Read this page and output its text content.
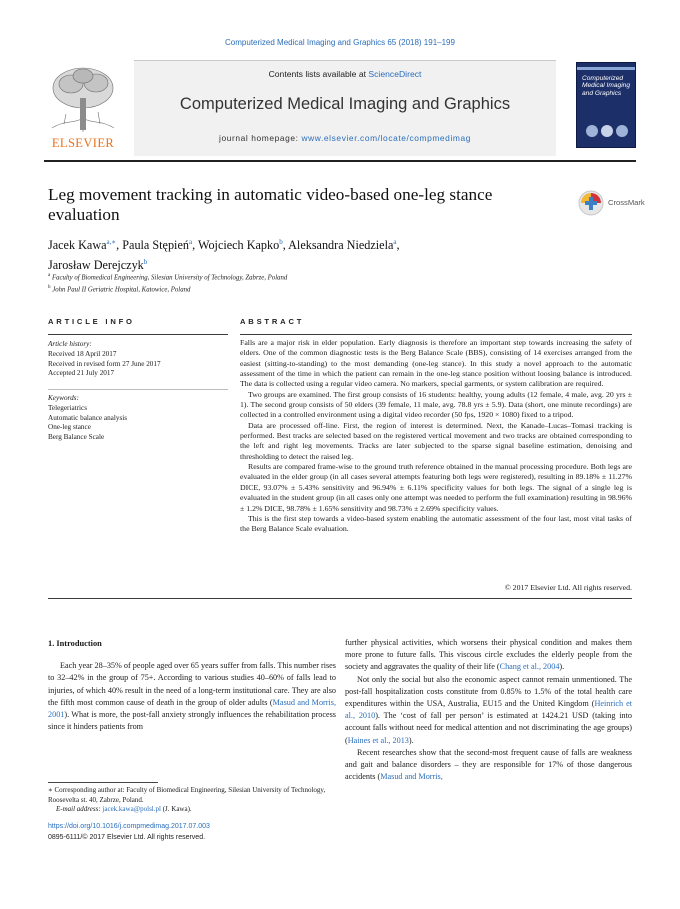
Computerized Medical Imaging and Graphics 65 (2018) 191–199
ELSEVIER
Contents lists available at ScienceDirect
Computerized Medical Imaging and Graphics
journal homepage: www.elsevier.com/locate/compmedimag
Computerized Medical Imaging and Graphics
Leg movement tracking in automatic video-based one-leg stance evaluation
CrossMark
Jacek Kawa$^{a,∗}$, Paula Stępień$^a$, Wojciech Kapko$^b$, Aleksandra Niedziela$^a$,
Jarosław Derejczyk$^b$
$^a$ Faculty of Biomedical Engineering, Silesian University of Technology, Zabrze, Poland
$^b$ John Paul II Geriatric Hospital, Katowice, Poland
ARTICLE INFO
Article history:
Received 18 April 2017
Received in revised form 27 June 2017
Accepted 21 July 2017
Keywords:
Telegeriatrics
Automatic balance analysis
One-leg stance
Berg Balance Scale
ABSTRACT

Falls are a major risk in elder population. Early diagnosis is therefore an important step towards increasing the safety of elders. One of the common diagnostic tests is the Berg Balance Scale (BBS), consisting of 14 exercises arranged from the easiest (sitting-to-standing) to the most demanding (one-leg stance). In this study a novel approach to the automatic assessment of the time in which the patient can remain in the one-leg stance position without loosing balance is introduced. The data is collected using a regular video camera. No markers, special garments, or system calibration are required.

Two groups are examined. The first group consists of 16 students: healthy, young adults (12 female, 4 male, avg. 20 yrs ± 1). The second group consists of 50 elders (39 female, 11 male, avg. 78.8 yrs ± 5.9). Data (short, one minute recordings) are collected in a controlled environment using a digital video recorder (50 fps, 1920 × 1080) fixed to a tripod.

Data are processed off-line. First, the region of interest is determined. Next, the Kanade–Lucas–Tomasi tracking is performed. Best tracks are selected based on the registered vertical movement and two tracks are obtained corresponding to the left and right leg movements. Tracks are later subjected to the sparse signal baseline estimation, denoising and thresholding to detect the raised leg.

Results are compared frame-wise to the ground truth reference obtained in the manual processing procedure. Both legs are evaluated in the elder group (in all cases several attempts featuring both legs were registered), resulting in 89.18% ± 11.27% DICE, 93.07% ± 5.43% sensitivity and 96.94% ± 6.11% specificity values for both legs. The signal of a single leg is evaluated in the student group (in all cases only one attempt was needed to perform the full examination) resulting in 98.96% ± 1.2% DICE, 98.78% ± 1.65% sensitivity and 98.73% ± 2.69% specificity values.

This is the first step towards a video-based system enabling the automatic assessment of the four last, most vital tasks of the Berg Balance Scale evaluation.

© 2017 Elsevier Ltd. All rights reserved.
1. Introduction

Each year 28–35% of people aged over 65 years suffer from falls. This number rises to 32–42% in the group of 75+. According to various studies 40–60% of falls lead to injuries, of which 40% result in the need of a long-term institutional care. They are also the fifth most common cause of death in the group of older adults (Masud and Morris, 2001). What is more, the post-fall anxiety strongly influences the rehabilitation process since it hinders patients from

further physical activities, which worsens their physical condition and makes them more prone to future falls. This viscous circle excludes the elderly people from the society and aggravates the quality of their life (Chang et al., 2004).

Not only the social but also the economic aspect cannot remain unmentioned. The post-fall hospitalization costs constitute from 0.85% to 1.5% of the total health care expenditures within the USA, Australia, EU15 and the United Kingdom (Heinrich et al., 2010). The ‘cost of fall per person’ is estimated at 1424.21 USD (taking into account falls without need for medical attention and not discriminating the age groups) (Haines et al., 2013).

Recent researches show that the second-most frequent cause of falls are weakness and gait and balance disorders – they are responsible for 17% of those dangerous accidents (Masud and Morris,

∗ Corresponding author at: Faculty of Biomedical Engineering, Silesian University of Technology, Roosevelta st. 40, Zabrze, Poland.
E-mail address: jacek.kawa@polsl.pl (J. Kawa).
https://doi.org/10.1016/j.compmedimag.2017.07.003
0895-6111/© 2017 Elsevier Ltd. All rights reserved.
